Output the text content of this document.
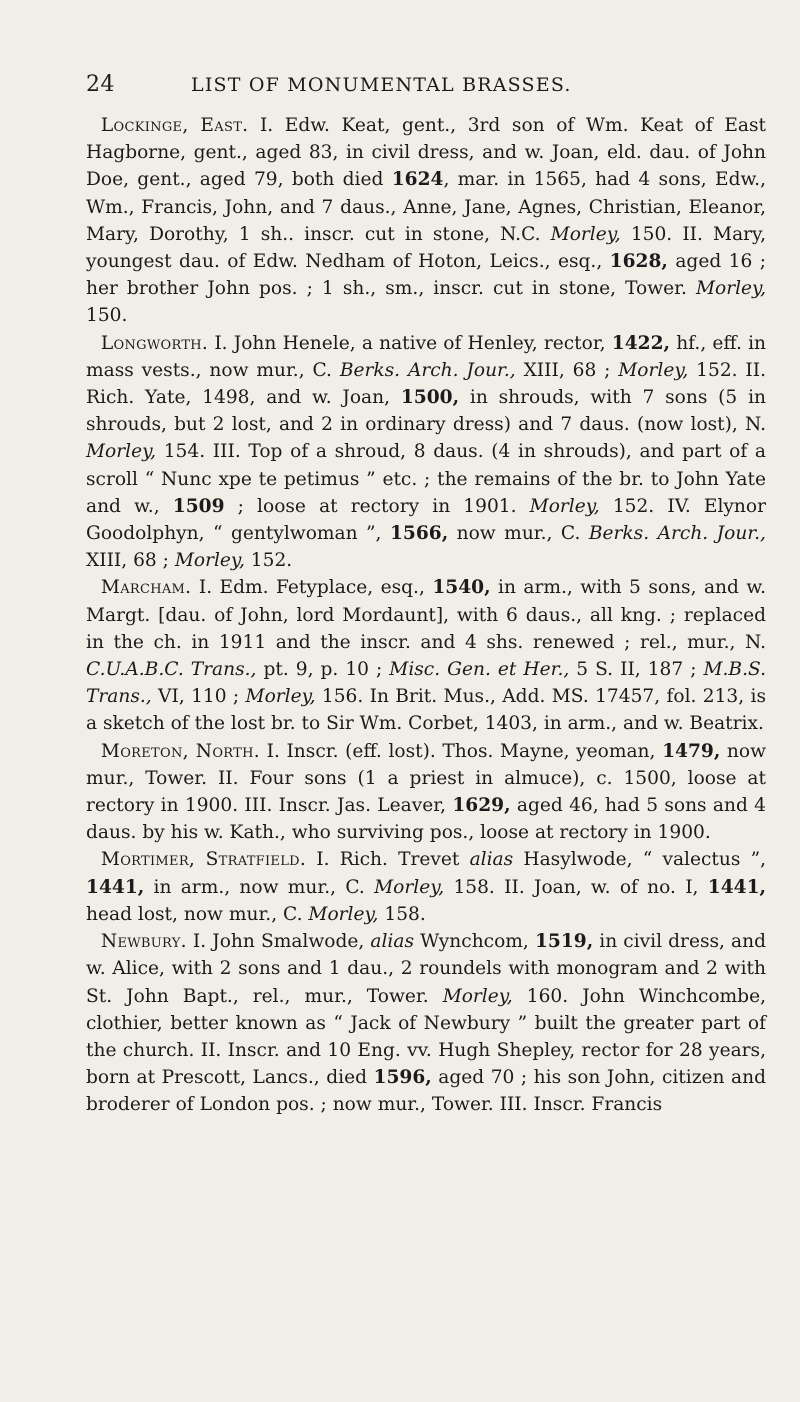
24	LIST OF MONUMENTAL BRASSES.

Lockinge, East. I. Edw. Keat, gent., 3rd son of Wm. Keat of East Hagborne, gent., aged 83, in civil dress, and w. Joan, eld. dau. of John Doe, gent., aged 79, both died 1624, mar. in 1565, had 4 sons, Edw., Wm., Francis, John, and 7 daus., Anne, Jane, Agnes, Christian, Eleanor, Mary, Dorothy, 1 sh.. inscr. cut in stone, N.C. Morley, 150. II. Mary, youngest dau. of Edw. Nedham of Hoton, Leics., esq., 1628, aged 16 ; her brother John pos. ; 1 sh., sm., inscr. cut in stone, Tower. Morley, 150.

Longworth. I. John Henele, a native of Henley, rector, 1422, hf., eff. in mass vests., now mur., C. Berks. Arch. Jour., XIII, 68 ; Morley, 152. II. Rich. Yate, 1498, and w. Joan, 1500, in shrouds, with 7 sons (5 in shrouds, but 2 lost, and 2 in ordinary dress) and 7 daus. (now lost), N. Morley, 154. III. Top of a shroud, 8 daus. (4 in shrouds), and part of a scroll “ Nunc xpe te petimus ” etc. ; the remains of the br. to John Yate and w., 1509 ; loose at rectory in 1901. Morley, 152. IV. Elynor Goodolphyn, “ gentylwoman ”, 1566, now mur., C. Berks. Arch. Jour., XIII, 68 ; Morley, 152.

Marcham. I. Edm. Fetyplace, esq., 1540, in arm., with 5 sons, and w. Margt. [dau. of John, lord Mordaunt], with 6 daus., all kng. ; replaced in the ch. in 1911 and the inscr. and 4 shs. renewed ; rel., mur., N. C.U.A.B.C. Trans., pt. 9, p. 10 ; Misc. Gen. et Her., 5 S. II, 187 ; M.B.S. Trans., VI, 110 ; Morley, 156. In Brit. Mus., Add. MS. 17457, fol. 213, is a sketch of the lost br. to Sir Wm. Corbet, 1403, in arm., and w. Beatrix.

Moreton, North. I. Inscr. (eff. lost). Thos. Mayne, yeoman, 1479, now mur., Tower. II. Four sons (1 a priest in almuce), c. 1500, loose at rectory in 1900. III. Inscr. Jas. Leaver, 1629, aged 46, had 5 sons and 4 daus. by his w. Kath., who surviving pos., loose at rectory in 1900.

Mortimer, Stratfield. I. Rich. Trevet alias Hasylwode, “ valectus ”, 1441, in arm., now mur., C. Morley, 158. II. Joan, w. of no. I, 1441, head lost, now mur., C. Morley, 158.

Newbury. I. John Smalwode, alias Wynchcom, 1519, in civil dress, and w. Alice, with 2 sons and 1 dau., 2 roundels with monogram and 2 with St. John Bapt., rel., mur., Tower. Morley, 160. John Winchcombe, clothier, better known as “ Jack of Newbury ” built the greater part of the church. II. Inscr. and 10 Eng. vv. Hugh Shepley, rector for 28 years, born at Prescott, Lancs., died 1596, aged 70 ; his son John, citizen and broderer of London pos. ; now mur., Tower. III. Inscr. Francis
